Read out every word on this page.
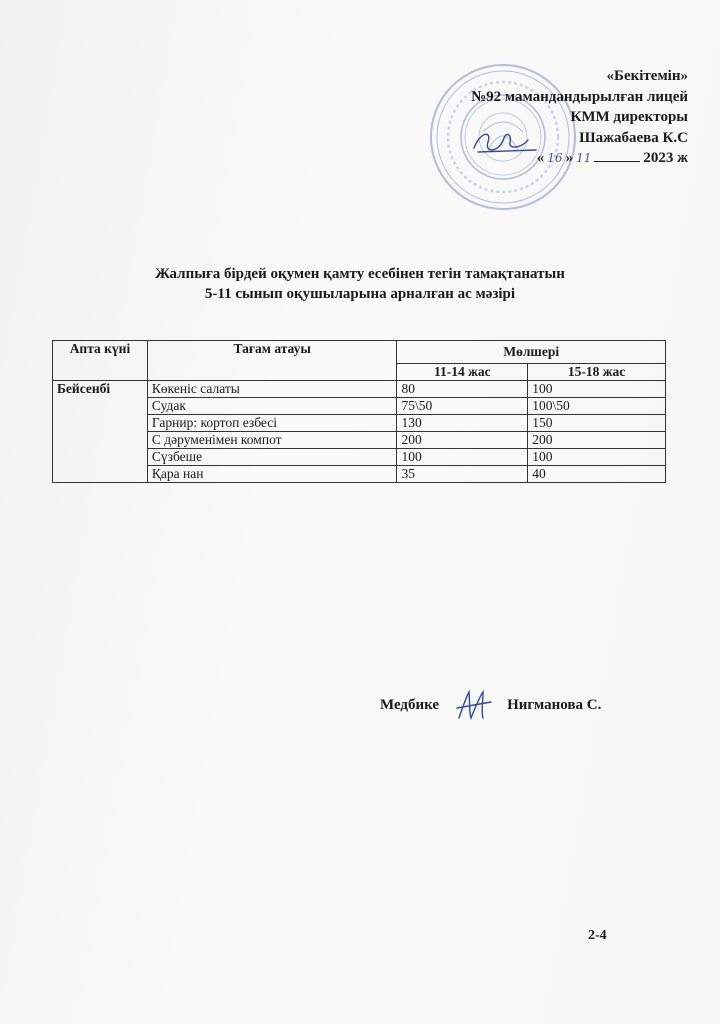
«Бекітемін»
№92 мамандандырылған лицей
КММ директоры
Шажабаева К.С
« 16 » 11	2023 ж
Жалпыға бірдей оқумен қамту есебінен тегін тамақтанатын
5-11 сынып оқушыларына арналған ас мәзірі
Апта күні	Тағам атауы	Мөлшері	
		11-14 жас	15-18 жас
Бейсенбі	Көкеніс салаты	80	100
	Судак	75\50	100\50
	Гарнир: кортоп езбесі	130	150
	С дәруменімен компот	200	200
	Сүзбеше	100	100
	Қара нан	35	40
Медбике	Нигманова С.
2-4
